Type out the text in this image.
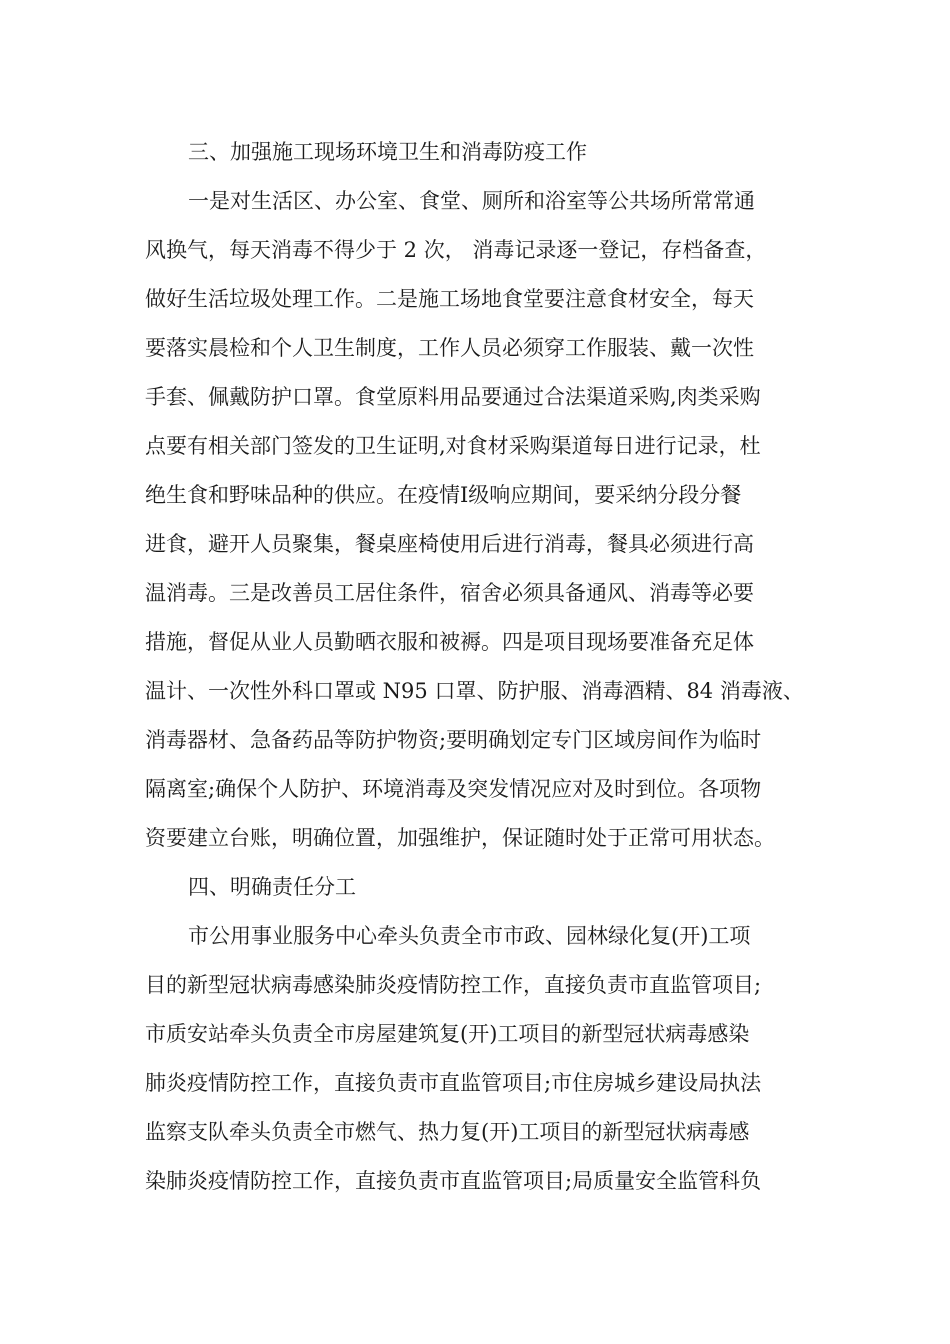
三、加强施工现场环境卫生和消毒防疫工作
一是对生活区、办公室、食堂、厕所和浴室等公共场所常常通
风换气，每天消毒不得少于 2 次， 消毒记录逐一登记，存档备查，
做好生活垃圾处理工作。二是施工场地食堂要注意食材安全，每天
要落实晨检和个人卫生制度，工作人员必须穿工作服装、戴一次性
手套、佩戴防护口罩。食堂原料用品要通过合法渠道采购,肉类采购
点要有相关部门签发的卫生证明,对食材采购渠道每日进行记录，杜
绝生食和野味品种的供应。在疫情Ⅰ级响应期间，要采纳分段分餐
进食，避开人员聚集，餐桌座椅使用后进行消毒，餐具必须进行高
温消毒。三是改善员工居住条件，宿舍必须具备通风、消毒等必要
措施，督促从业人员勤晒衣服和被褥。四是项目现场要准备充足体
温计、一次性外科口罩或 N95 口罩、防护服、消毒酒精、84 消毒液、
消毒器材、急备药品等防护物资;要明确划定专门区域房间作为临时
隔离室;确保个人防护、环境消毒及突发情况应对及时到位。各项物
资要建立台账，明确位置，加强维护，保证随时处于正常可用状态。
四、明确责任分工
市公用事业服务中心牵头负责全市市政、园林绿化复(开)工项
目的新型冠状病毒感染肺炎疫情防控工作，直接负责市直监管项目;
市质安站牵头负责全市房屋建筑复(开)工项目的新型冠状病毒感染
肺炎疫情防控工作，直接负责市直监管项目;市住房城乡建设局执法
监察支队牵头负责全市燃气、热力复(开)工项目的新型冠状病毒感
染肺炎疫情防控工作，直接负责市直监管项目;局质量安全监管科负
